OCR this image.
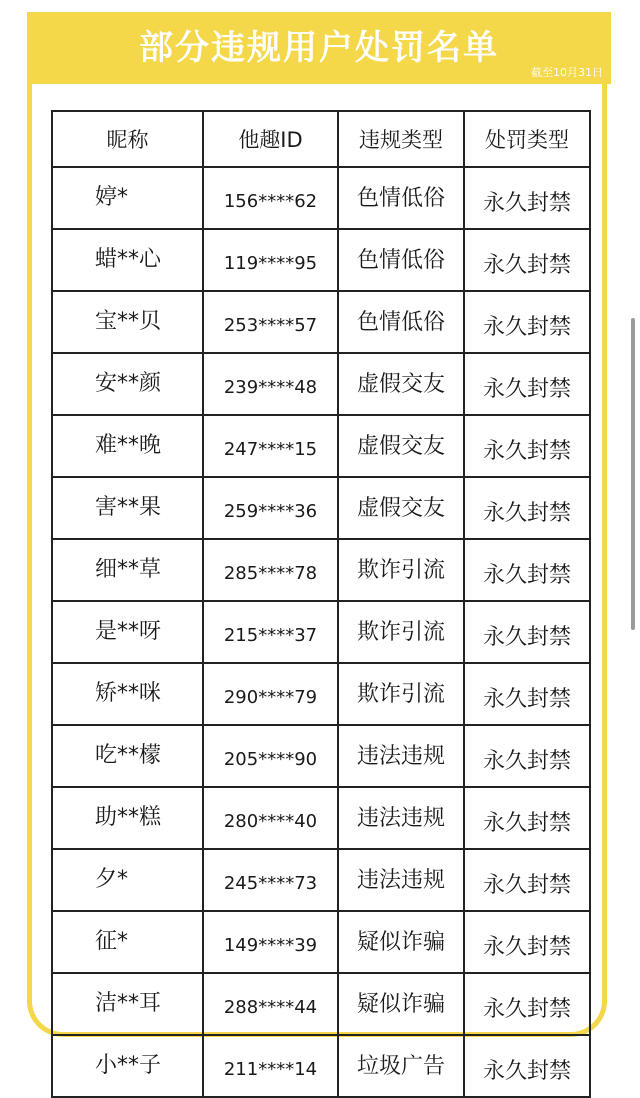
部分违规用户处罚名单
截至10月31日
昵称	他趣ID	违规类型	处罚类型
婷*	156****62	色情低俗	永久封禁
蜡**心	119****95	色情低俗	永久封禁
宝**贝	253****57	色情低俗	永久封禁
安**颜	239****48	虚假交友	永久封禁
难**晚	247****15	虚假交友	永久封禁
害**果	259****36	虚假交友	永久封禁
细**草	285****78	欺诈引流	永久封禁
是**呀	215****37	欺诈引流	永久封禁
矫**咪	290****79	欺诈引流	永久封禁
吃**檬	205****90	违法违规	永久封禁
助**糕	280****40	违法违规	永久封禁
夕*	245****73	违法违规	永久封禁
征*	149****39	疑似诈骗	永久封禁
洁**耳	288****44	疑似诈骗	永久封禁
小**子	211****14	垃圾广告	永久封禁
